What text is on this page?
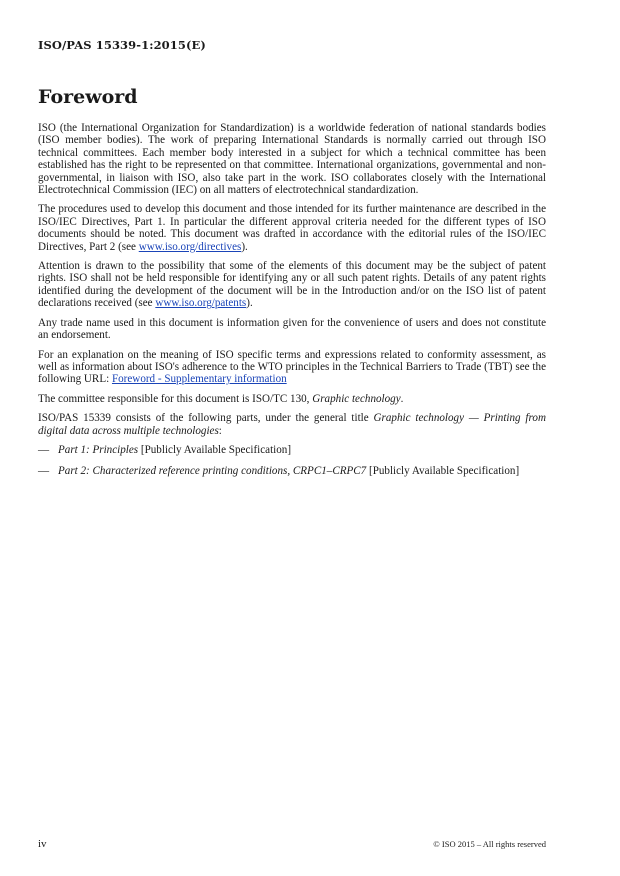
ISO/PAS 15339-1:2015(E)
Foreword

ISO (the International Organization for Standardization) is a worldwide federation of national standards bodies (ISO member bodies). The work of preparing International Standards is normally carried out through ISO technical committees. Each member body interested in a subject for which a technical committee has been established has the right to be represented on that committee. International organizations, governmental and non-governmental, in liaison with ISO, also take part in the work. ISO collaborates closely with the International Electrotechnical Commission (IEC) on all matters of electrotechnical standardization.

The procedures used to develop this document and those intended for its further maintenance are described in the ISO/IEC Directives, Part 1. In particular the different approval criteria needed for the different types of ISO documents should be noted. This document was drafted in accordance with the editorial rules of the ISO/IEC Directives, Part 2 (see www.iso.org/directives).

Attention is drawn to the possibility that some of the elements of this document may be the subject of patent rights. ISO shall not be held responsible for identifying any or all such patent rights. Details of any patent rights identified during the development of the document will be in the Introduction and/or on the ISO list of patent declarations received (see www.iso.org/patents).

Any trade name used in this document is information given for the convenience of users and does not constitute an endorsement.

For an explanation on the meaning of ISO specific terms and expressions related to conformity assessment, as well as information about ISO's adherence to the WTO principles in the Technical Barriers to Trade (TBT) see the following URL: Foreword - Supplementary information

The committee responsible for this document is ISO/TC 130, Graphic technology.

ISO/PAS 15339 consists of the following parts, under the general title Graphic technology — Printing from digital data across multiple technologies:

— Part 1: Principles [Publicly Available Specification]
— Part 2: Characterized reference printing conditions, CRPC1–CRPC7 [Publicly Available Specification]
iv	© ISO 2015 – All rights reserved
